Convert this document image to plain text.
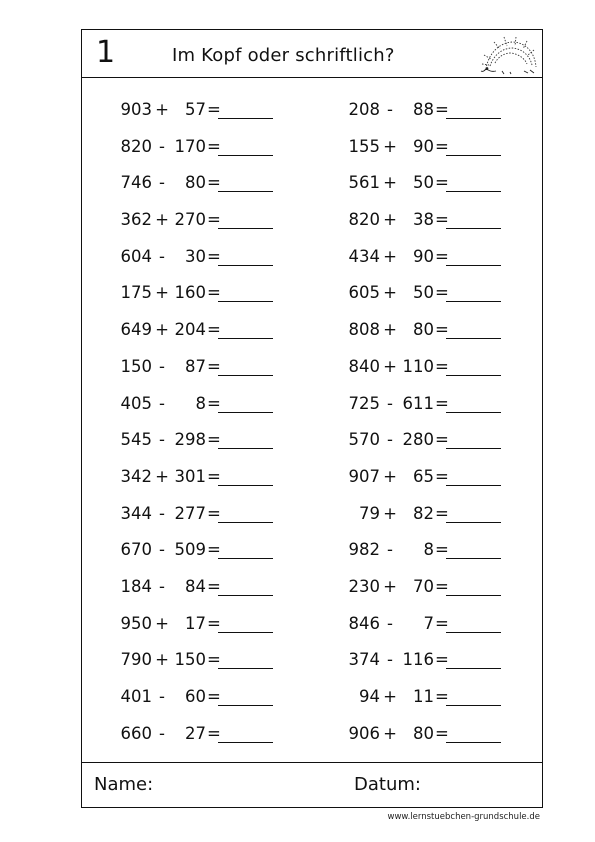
1	Im Kopf oder schriftlich?
903 + 57 =
820 - 170 =
746 -	80 =
362 + 270 =
604 -	30 =
175 + 160 =
649 + 204 =
150 -	87 =
405 -	8 =
545 - 298 =
342 + 301 =
344 - 277 =
670 - 509 =
184 -	84 =
950 + 17 =
790 + 150 =
401 -	60 =
660 -	27 =
208 -	88 =
155 + 90 =
561 + 50 =
820 + 38 =
434 + 90 =
605 + 50 =
808 + 80 =
840 + 110 =
725 - 611 =
570 - 280 =
907 + 65 =
79 + 82 =
982 -	8 =
230 + 70 =
846 -	7 =
374 - 116 =
94 + 11 =
906 + 80 =
Name:	Datum:
www.lernstuebchen-grundschule.de
